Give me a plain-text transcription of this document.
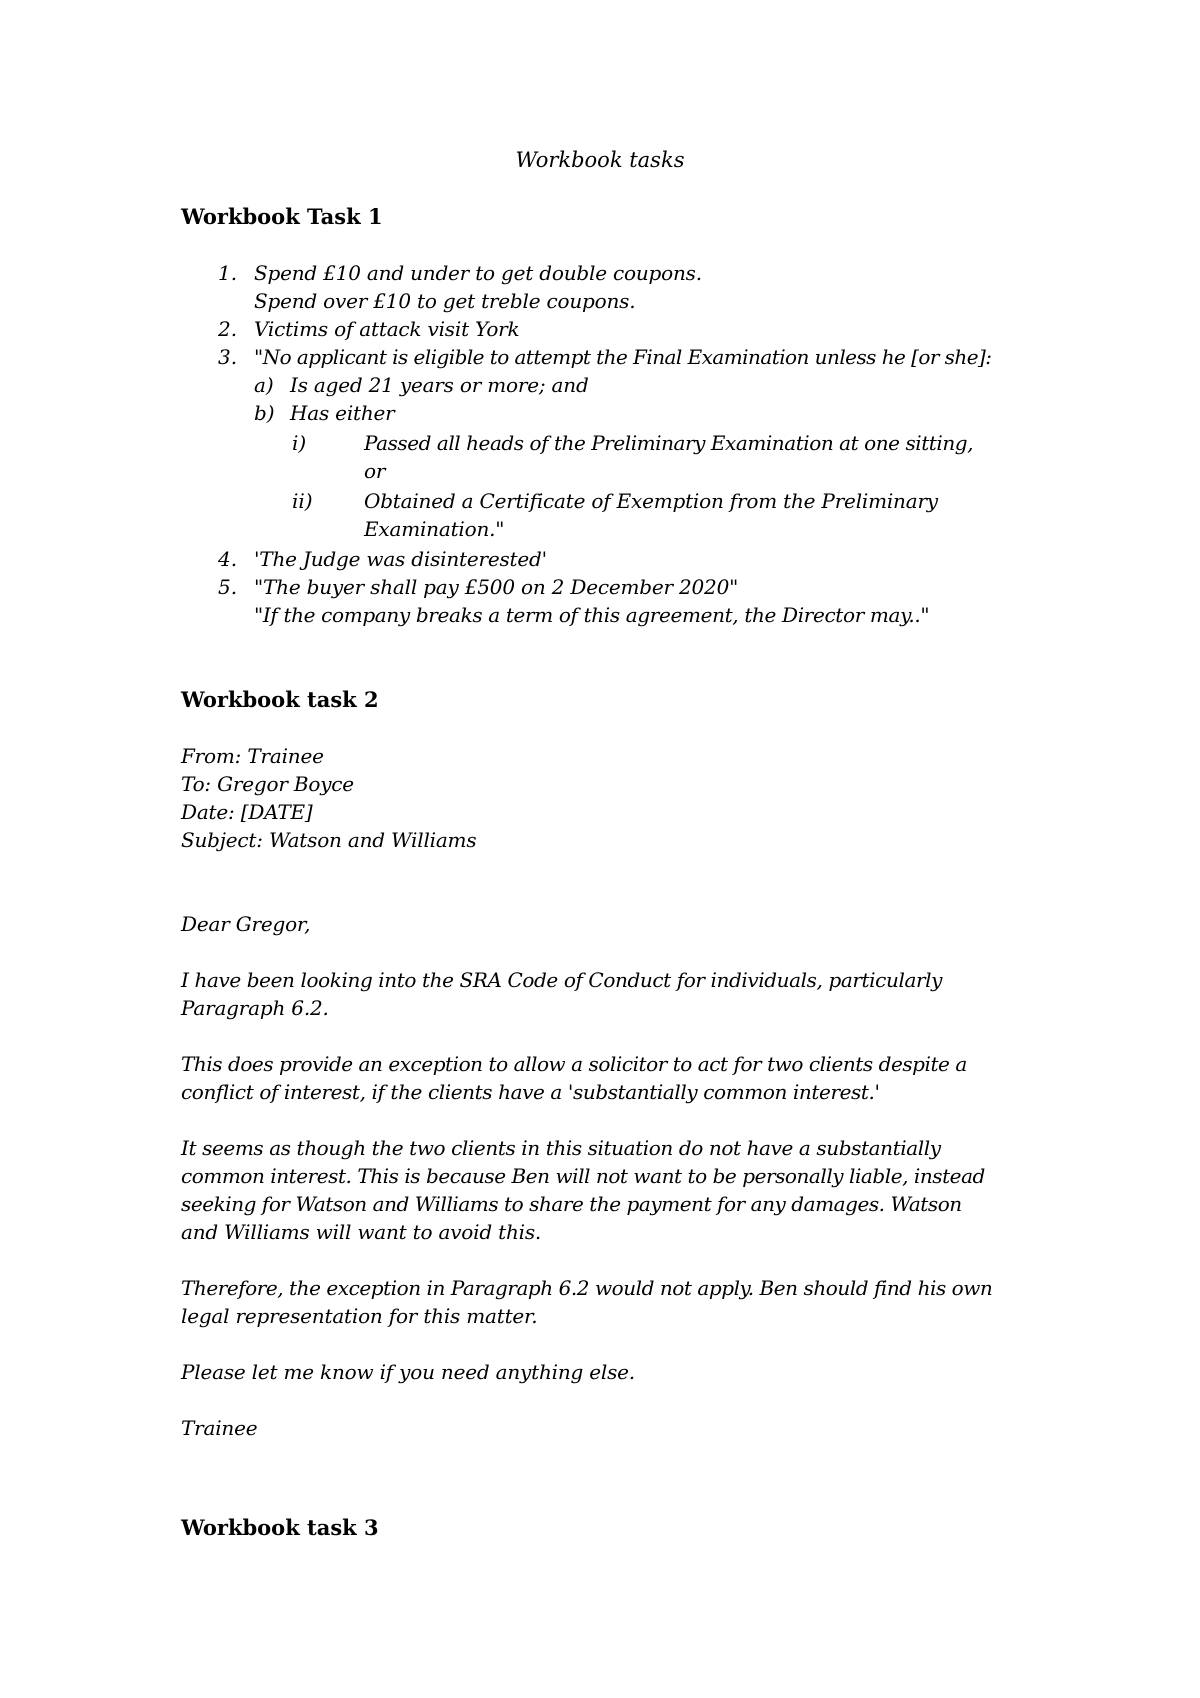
Workbook tasks
Workbook Task 1
1. Spend £10 and under to get double coupons.
Spend over £10 to get treble coupons.
2. Victims of attack visit York
3. "No applicant is eligible to attempt the Final Examination unless he [or she]:
a) Is aged 21 years or more; and
b) Has either
i)	Passed all heads of the Preliminary Examination at one sitting,
or
ii)	Obtained a Certificate of Exemption from the Preliminary
Examination."
4. 'The Judge was disinterested'
5. "The buyer shall pay £500 on 2 December 2020"
"If the company breaks a term of this agreement, the Director may.."
Workbook task 2
From: Trainee
To: Gregor Boyce
Date: [DATE]
Subject: Watson and Williams
Dear Gregor,
I have been looking into the SRA Code of Conduct for individuals, particularly
Paragraph 6.2.
This does provide an exception to allow a solicitor to act for two clients despite a
conflict of interest, if the clients have a 'substantially common interest.'
It seems as though the two clients in this situation do not have a substantially
common interest. This is because Ben will not want to be personally liable, instead
seeking for Watson and Williams to share the payment for any damages. Watson
and Williams will want to avoid this.
Therefore, the exception in Paragraph 6.2 would not apply. Ben should find his own
legal representation for this matter.
Please let me know if you need anything else.
Trainee
Workbook task 3
